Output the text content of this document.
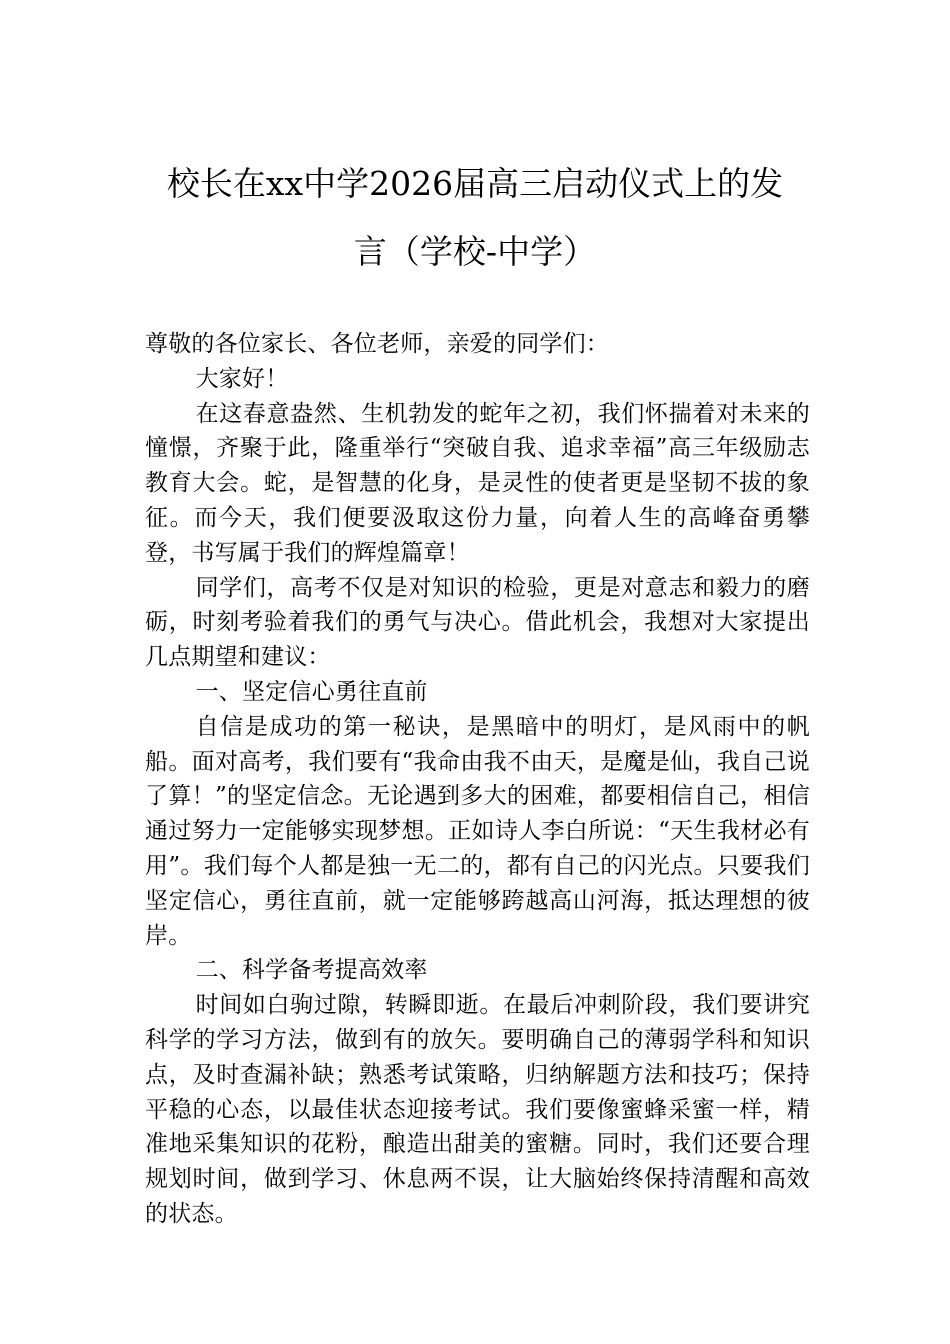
校长在xx中学2026届高三启动仪式上的发
言（学校-中学）

尊敬的各位家长、各位老师，亲爱的同学们：

大家好！

在这春意盎然、生机勃发的蛇年之初，我们怀揣着对未来的憧憬，齐聚于此，隆重举行“突破自我、追求幸福”高三年级励志教育大会。蛇，是智慧的化身，是灵性的使者更是坚韧不拔的象征。而今天，我们便要汲取这份力量，向着人生的高峰奋勇攀登，书写属于我们的辉煌篇章！

同学们，高考不仅是对知识的检验，更是对意志和毅力的磨砺，时刻考验着我们的勇气与决心。借此机会，我想对大家提出几点期望和建议：

一、坚定信心勇往直前

自信是成功的第一秘诀，是黑暗中的明灯，是风雨中的帆船。面对高考，我们要有“我命由我不由天，是魔是仙，我自己说了算！”的坚定信念。无论遇到多大的困难，都要相信自己，相信通过努力一定能够实现梦想。正如诗人李白所说：“天生我材必有用”。我们每个人都是独一无二的，都有自己的闪光点。只要我们坚定信心，勇往直前，就一定能够跨越高山河海，抵达理想的彼岸。

二、科学备考提高效率

时间如白驹过隙，转瞬即逝。在最后冲刺阶段，我们要讲究科学的学习方法，做到有的放矢。要明确自己的薄弱学科和知识点，及时查漏补缺；熟悉考试策略，归纳解题方法和技巧；保持平稳的心态，以最佳状态迎接考试。我们要像蜜蜂采蜜一样，精准地采集知识的花粉，酿造出甜美的蜜糖。同时，我们还要合理规划时间，做到学习、休息两不误，让大脑始终保持清醒和高效的状态。
